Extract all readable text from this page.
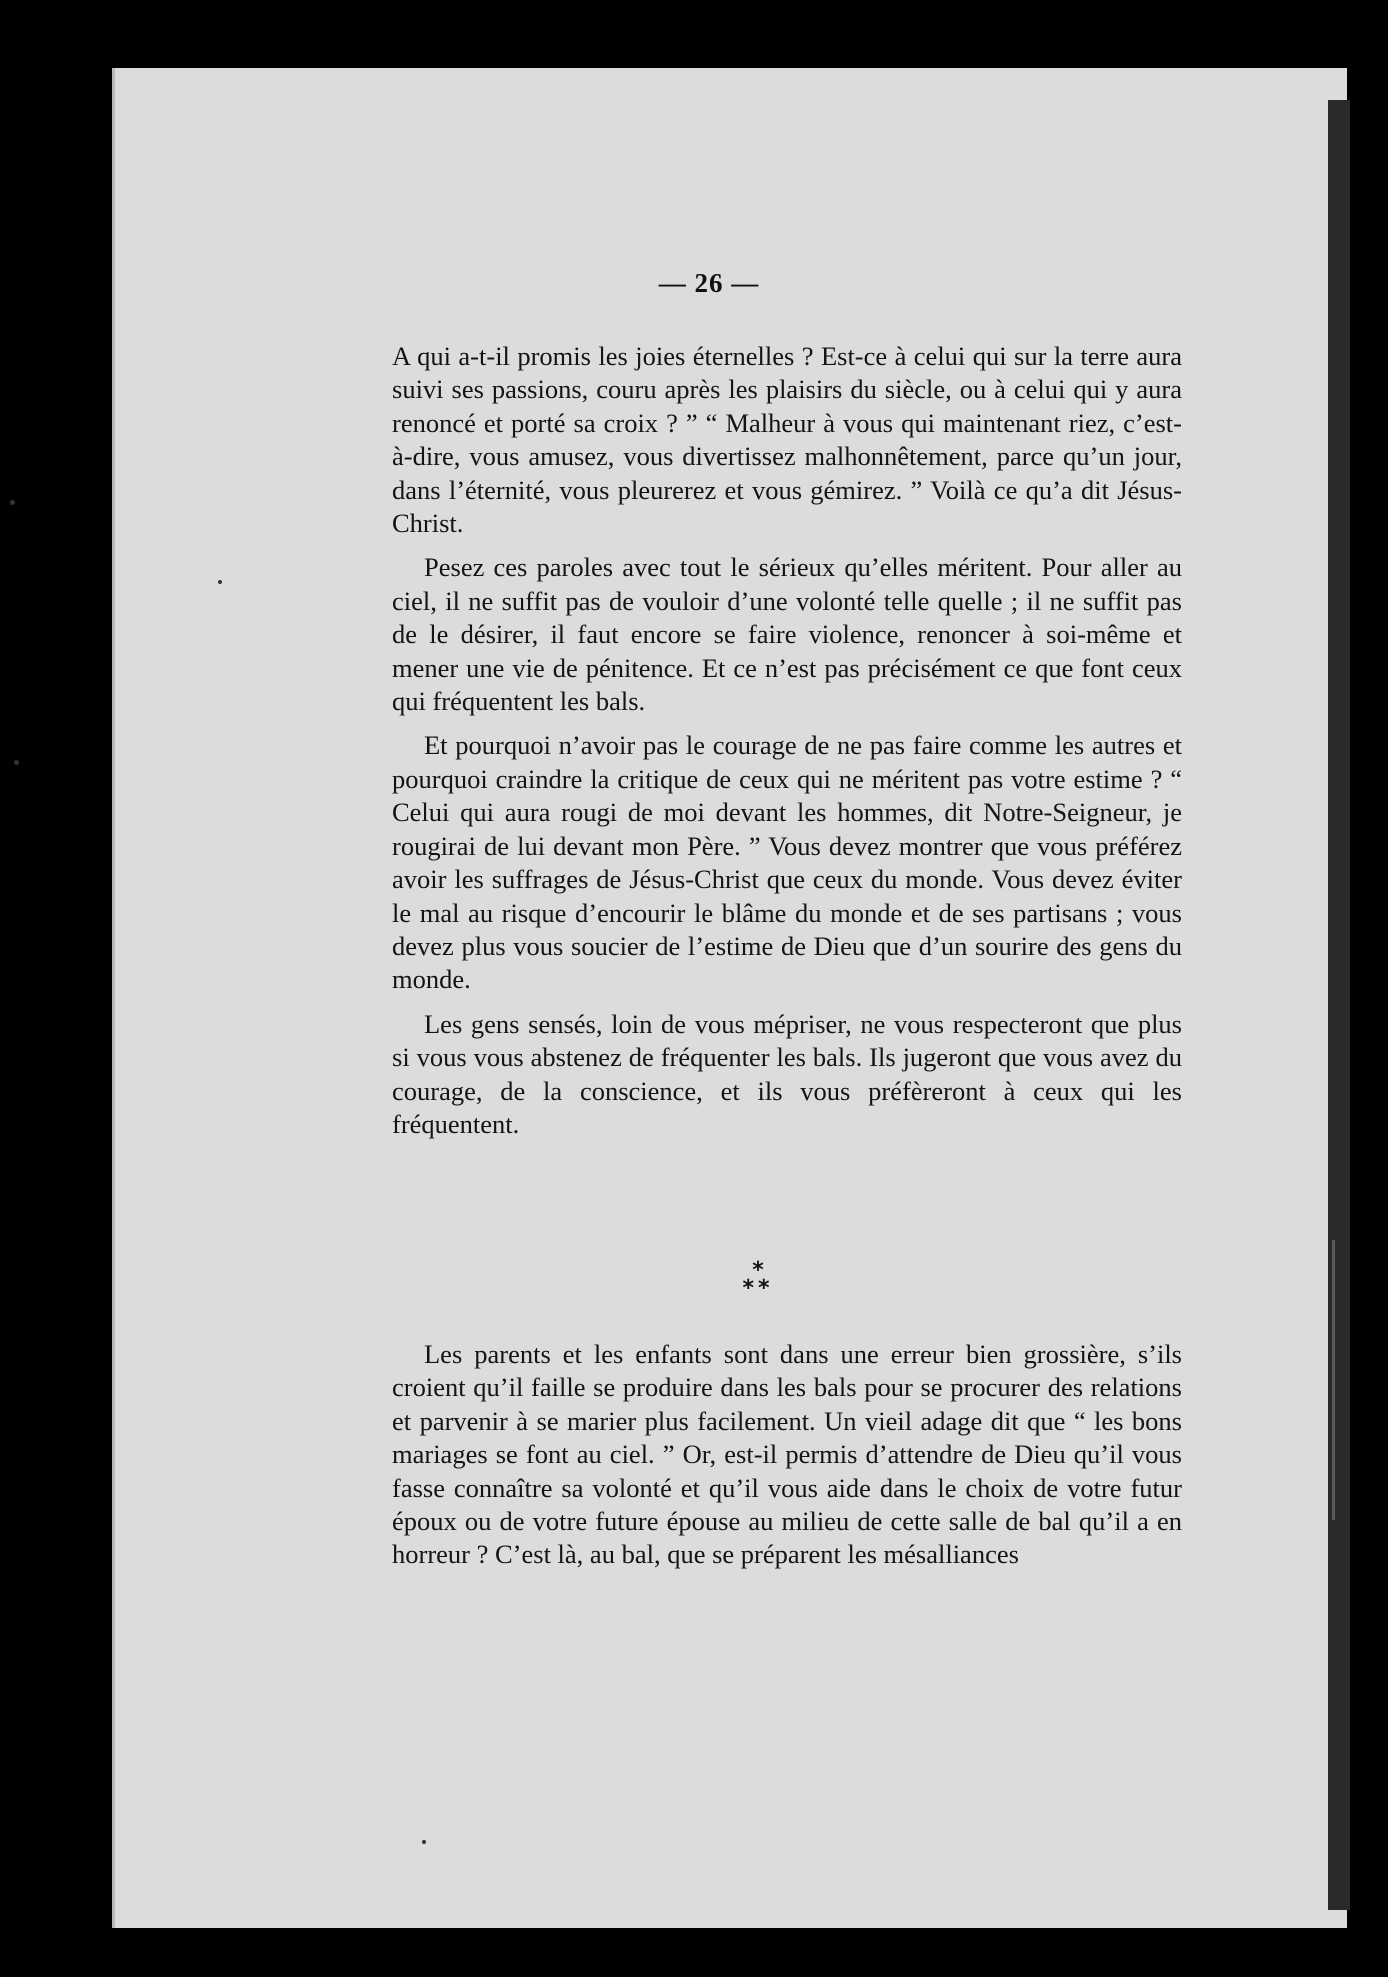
— 26 —

A qui a-t-il promis les joies éternelles ? Est-ce à celui qui sur la terre aura suivi ses passions, couru après les plaisirs du siècle, ou à celui qui y aura renoncé et porté sa croix ? ” “ Malheur à vous qui maintenant riez, c’est-à-dire, vous amusez, vous divertissez malhonnêtement, parce qu’un jour, dans l’éternité, vous pleurerez et vous gémirez. ” Voilà ce qu’a dit Jésus-Christ.

Pesez ces paroles avec tout le sérieux qu’elles méritent. Pour aller au ciel, il ne suffit pas de vouloir d’une volonté telle quelle ; il ne suffit pas de le désirer, il faut encore se faire violence, renoncer à soi-même et mener une vie de pénitence. Et ce n’est pas précisément ce que font ceux qui fréquentent les bals.

Et pourquoi n’avoir pas le courage de ne pas faire comme les autres et pourquoi craindre la critique de ceux qui ne méritent pas votre estime ? “ Celui qui aura rougi de moi devant les hommes, dit Notre-Seigneur, je rougirai de lui devant mon Père. ” Vous devez montrer que vous préférez avoir les suffrages de Jésus-Christ que ceux du monde. Vous devez éviter le mal au risque d’encourir le blâme du monde et de ses partisans ; vous devez plus vous soucier de l’estime de Dieu que d’un sourire des gens du monde.

Les gens sensés, loin de vous mépriser, ne vous respecteront que plus si vous vous abstenez de fréquenter les bals. Ils jugeront que vous avez du courage, de la conscience, et ils vous préfèreront à ceux qui les fréquentent.

*
**

Les parents et les enfants sont dans une erreur bien grossière, s’ils croient qu’il faille se produire dans les bals pour se procurer des relations et parvenir à se marier plus facilement. Un vieil adage dit que “ les bons mariages se font au ciel. ” Or, est-il permis d’attendre de Dieu qu’il vous fasse connaître sa volonté et qu’il vous aide dans le choix de votre futur époux ou de votre future épouse au milieu de cette salle de bal qu’il a en horreur ? C’est là, au bal, que se préparent les mésalliances
